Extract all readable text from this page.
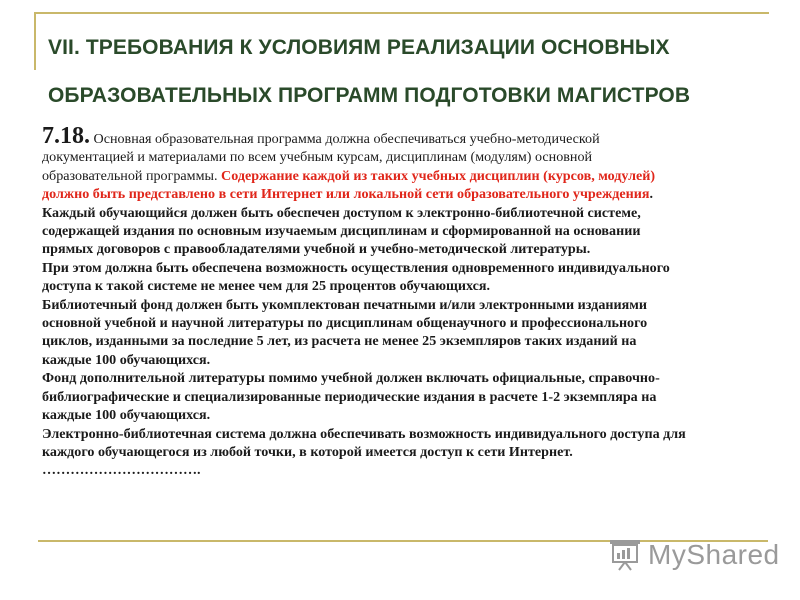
VII. ТРЕБОВАНИЯ К УСЛОВИЯМ РЕАЛИЗАЦИИ ОСНОВНЫХ
ОБРАЗОВАТЕЛЬНЫХ ПРОГРАММ ПОДГОТОВКИ МАГИСТРОВ

7.18. Основная образовательная программа должна обеспечиваться учебно-методической

документацией и материалами по всем учебным курсам, дисциплинам (модулям) основной

образовательной программы. Содержание каждой из таких учебных дисциплин (курсов, модулей)

должно быть представлено в сети Интернет или локальной сети образовательного учреждения.

Каждый обучающийся должен быть обеспечен доступом к электронно-библиотечной системе,

содержащей издания по основным изучаемым дисциплинам и сформированной на основании

прямых договоров с правообладателями учебной и учебно-методической литературы.

При этом должна быть обеспечена возможность осуществления одновременного индивидуального

доступа к такой системе не менее чем для 25 процентов обучающихся.

Библиотечный фонд должен быть укомплектован печатными и/или электронными изданиями

основной учебной и научной литературы по дисциплинам общенаучного и профессионального

циклов, изданными за последние 5 лет, из расчета не менее 25 экземпляров таких изданий на

каждые 100 обучающихся.

Фонд дополнительной литературы помимо учебной должен включать официальные, справочно-

библиографические и специализированные периодические издания в расчете 1-2 экземпляра на

каждые 100 обучающихся.

Электронно-библиотечная система должна обеспечивать возможность индивидуального доступа для

каждого обучающегося из любой точки, в которой имеется доступ к сети Интернет.

…………………………….

MyShared
